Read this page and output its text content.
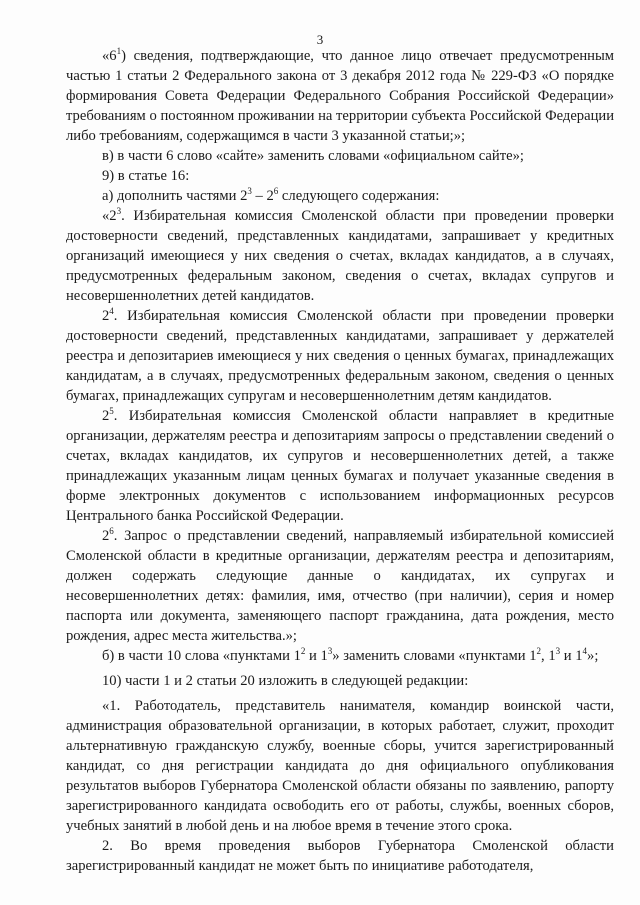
3

«$6^1$) сведения, подтверждающие, что данное лицо отвечает предусмотренным частью 1 статьи 2 Федерального закона от 3 декабря 2012 года № 229-ФЗ «О порядке формирования Совета Федерации Федерального Собрания Российской Федерации» требованиям о постоянном проживании на территории субъекта Российской Федерации либо требованиям, содержащимся в части 3 указанной статьи;»;

в) в части 6 слово «сайте» заменить словами «официальном сайте»;

9) в статье 16:

а) дополнить частями $2^3 - 2^6$ следующего содержания:

«$2^3$. Избирательная комиссия Смоленской области при проведении проверки достоверности сведений, представленных кандидатами, запрашивает у кредитных организаций имеющиеся у них сведения о счетах, вкладах кандидатов, а в случаях, предусмотренных федеральным законом, сведения о счетах, вкладах супругов и несовершеннолетних детей кандидатов.

$2^4$. Избирательная комиссия Смоленской области при проведении проверки достоверности сведений, представленных кандидатами, запрашивает у держателей реестра и депозитариев имеющиеся у них сведения о ценных бумагах, принадлежащих кандидатам, а в случаях, предусмотренных федеральным законом, сведения о ценных бумагах, принадлежащих супругам и несовершеннолетним детям кандидатов.

$2^5$. Избирательная комиссия Смоленской области направляет в кредитные организации, держателям реестра и депозитариям запросы о представлении сведений о счетах, вкладах кандидатов, их супругов и несовершеннолетних детей, а также принадлежащих указанным лицам ценных бумагах и получает указанные сведения в форме электронных документов с использованием информационных ресурсов Центрального банка Российской Федерации.

$2^6$. Запрос о представлении сведений, направляемый избирательной комиссией Смоленской области в кредитные организации, держателям реестра и депозитариям, должен содержать следующие данные о кандидатах, их супругах и несовершеннолетних детях: фамилия, имя, отчество (при наличии), серия и номер паспорта или документа, заменяющего паспорт гражданина, дата рождения, место рождения, адрес места жительства.»;

б) в части 10 слова «пунктами $1^2$ и $1^3$» заменить словами «пунктами $1^2$, $1^3$ и $1^4$»;

10) части 1 и 2 статьи 20 изложить в следующей редакции:

«1. Работодатель, представитель нанимателя, командир воинской части, администрация образовательной организации, в которых работает, служит, проходит альтернативную гражданскую службу, военные сборы, учится зарегистрированный кандидат, со дня регистрации кандидата до дня официального опубликования результатов выборов Губернатора Смоленской области обязаны по заявлению, рапорту зарегистрированного кандидата освободить его от работы, службы, военных сборов, учебных занятий в любой день и на любое время в течение этого срока.

2. Во время проведения выборов Губернатора Смоленской области зарегистрированный кандидат не может быть по инициативе работодателя,
